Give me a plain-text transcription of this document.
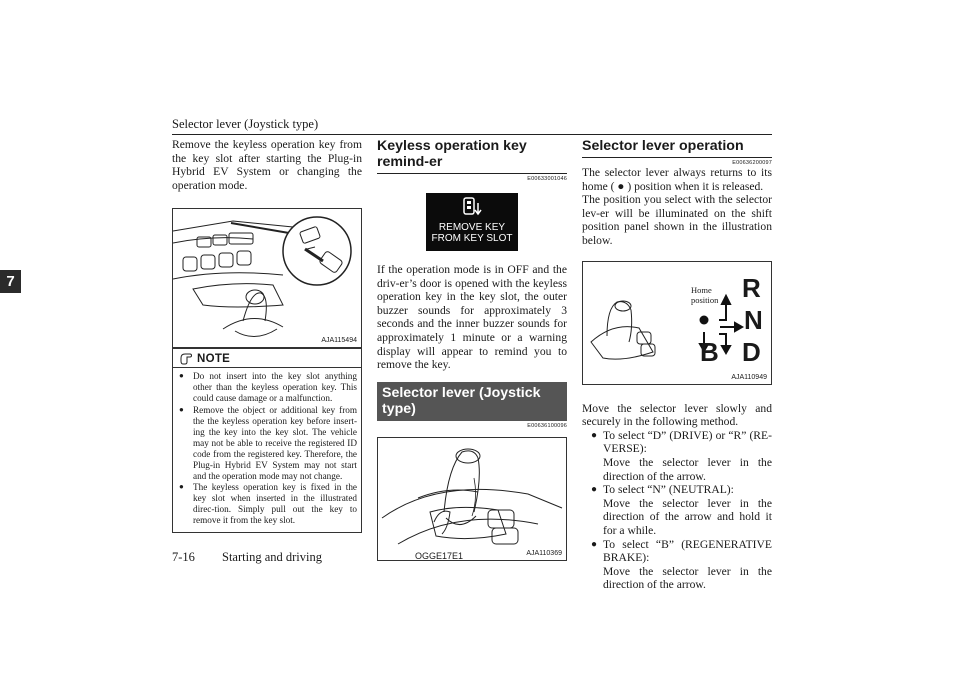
Selector lever (Joystick type)
7

Remove the keyless operation key from the key slot after starting the Plug-in Hybrid EV System or changing the operation mode.

AJA115494
NOTE
● Do not insert into the key slot anything other than the keyless operation key. This could cause damage or a malfunction.
● Remove the object or additional key from the the keyless operation key before insert-ing the key into the key slot. The vehicle may not be able to receive the registered ID code from the registered key. Therefore, the Plug-in Hybrid EV System may not start and the operation mode may not change.
● The keyless operation key is fixed in the key slot when inserted in the illustrated direc-tion. Simply pull out the key to remove it from the key slot.
Keyless operation key remind-er
E00633001046
REMOVE KEY
FROM KEY SLOT

If the operation mode is in OFF and the driv-er’s door is opened with the keyless operation key in the key slot, the outer buzzer sounds for approximately 3 seconds and the inner buzzer sounds for approximately 1 minute or a warning display will appear to remind you to remove the key.

Selector lever (Joystick type)
E00636100096
AJA110369
Selector lever operation
E00636200097

The selector lever always returns to its home ( ● ) position when it is released.

The position you select with the selector lev-er will be illuminated on the shift position panel shown in the illustration below.

Home
position R
N
B D
AJA110949

Move the selector lever slowly and securely in the following method.

● To select “D” (DRIVE) or “R” (RE-VERSE):
Move the selector lever in the direction of the arrow.
● To select “N” (NEUTRAL):
Move the selector lever in the direction of the arrow and hold it for a while.
● To select “B” (REGENERATIVE BRAKE):
Move the selector lever in the direction of the arrow.
7-16 Starting and driving	OGGE17E1
